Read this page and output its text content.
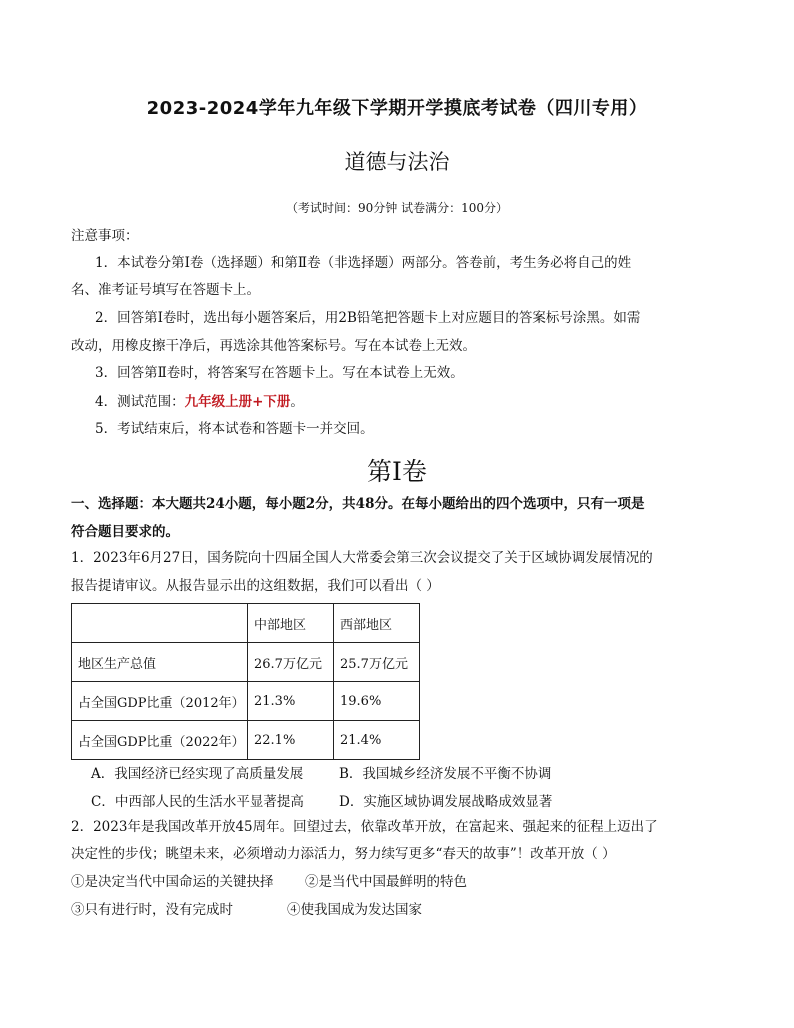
2023-2024学年九年级下学期开学摸底考试卷（四川专用）
道德与法治
（考试时间：90分钟 试卷满分：100分）
注意事项：
1．本试卷分第Ⅰ卷（选择题）和第Ⅱ卷（非选择题）两部分。答卷前，考生务必将自己的姓
名、准考证号填写在答题卡上。
2．回答第Ⅰ卷时，选出每小题答案后，用2B铅笔把答题卡上对应题目的答案标号涂黑。如需
改动，用橡皮擦干净后，再选涂其他答案标号。写在本试卷上无效。
3．回答第Ⅱ卷时，将答案写在答题卡上。写在本试卷上无效。
4．测试范围：九年级上册+下册。
5．考试结束后，将本试卷和答题卡一并交回。
第Ⅰ卷
一、选择题：本大题共24小题，每小题2分，共48分。在每小题给出的四个选项中，只有一项是
符合题目要求的。
1．2023年6月27日，国务院向十四届全国人大常委会第三次会议提交了关于区域协调发展情况的
报告提请审议。从报告显示出的这组数据，我们可以看出（ ）
	中部地区	西部地区
地区生产总值	26.7万亿元	25.7万亿元
占全国GDP比重（2012年）	21.3%	19.6%
占全国GDP比重（2022年）	22.1%	21.4%
A．我国经济已经实现了高质量发展	B．我国城乡经济发展不平衡不协调
C．中西部人民的生活水平显著提高	D．实施区域协调发展战略成效显著
2．2023年是我国改革开放45周年。回望过去，依靠改革开放，在富起来、强起来的征程上迈出了
决定性的步伐；眺望未来，必须增动力添活力，努力续写更多“春天的故事”！改革开放（ ）
①是决定当代中国命运的关键抉择 ②是当代中国最鲜明的特色
③只有进行时，没有完成时	④使我国成为发达国家
